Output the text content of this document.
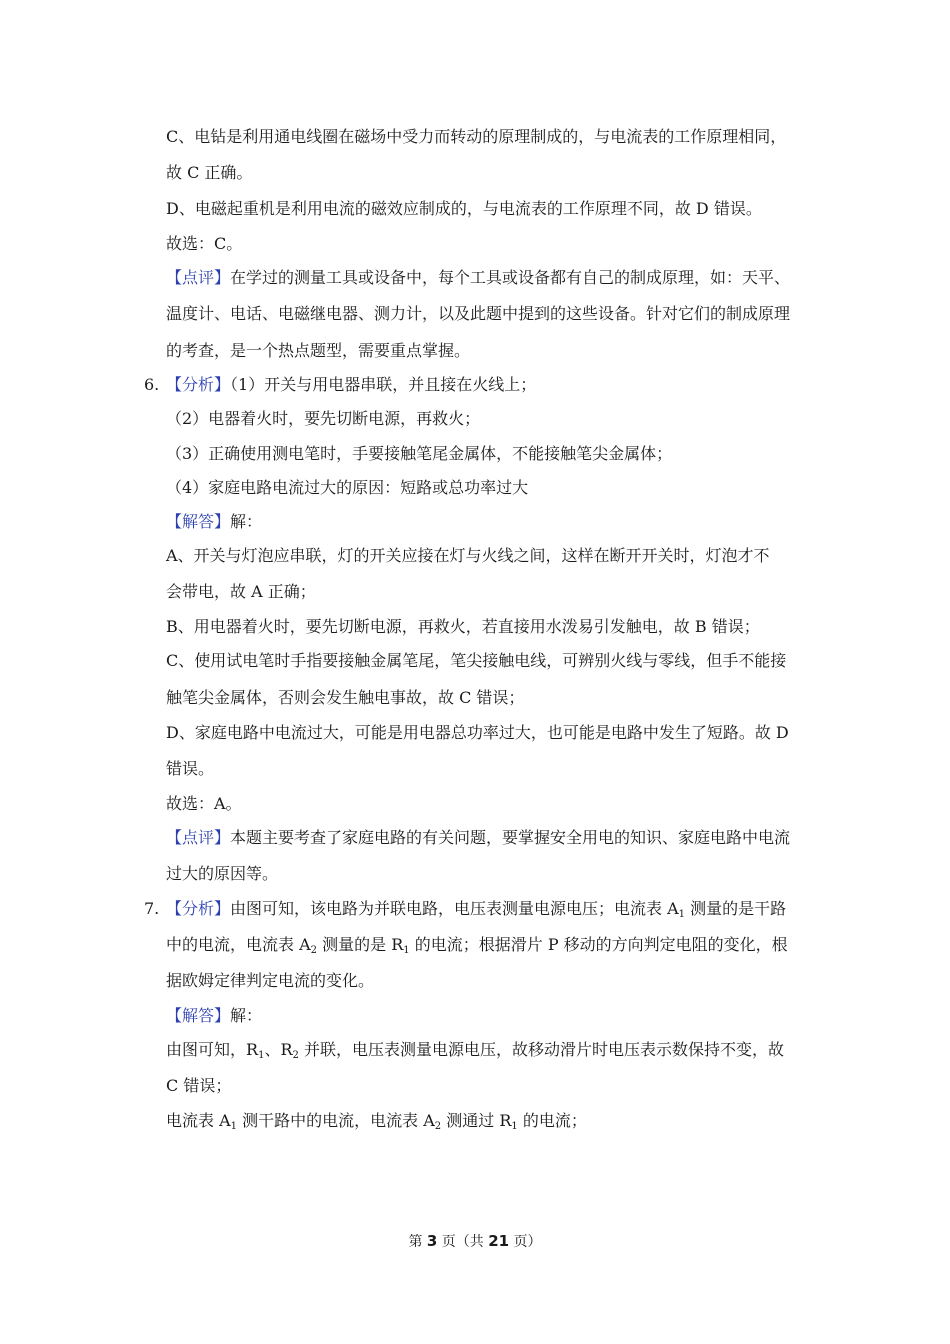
C、电钻是利用通电线圈在磁场中受力而转动的原理制成的，与电流表的工作原理相同，
故 C 正确。
D、电磁起重机是利用电流的磁效应制成的，与电流表的工作原理不同，故 D 错误。
故选：C。
【点评】在学过的测量工具或设备中，每个工具或设备都有自己的制成原理，如：天平、
温度计、电话、电磁继电器、测力计，以及此题中提到的这些设备。针对它们的制成原理
的考查，是一个热点题型，需要重点掌握。
6. 【分析】（1）开关与用电器串联，并且接在火线上；
（2）电器着火时，要先切断电源，再救火；
（3）正确使用测电笔时，手要接触笔尾金属体，不能接触笔尖金属体；
（4）家庭电路电流过大的原因：短路或总功率过大
【解答】解：
A、开关与灯泡应串联，灯的开关应接在灯与火线之间，这样在断开开关时，灯泡才不
会带电，故 A 正确；
B、用电器着火时，要先切断电源，再救火，若直接用水泼易引发触电，故 B 错误；
C、使用试电笔时手指要接触金属笔尾，笔尖接触电线，可辨别火线与零线，但手不能接
触笔尖金属体，否则会发生触电事故，故 C 错误；
D、家庭电路中电流过大，可能是用电器总功率过大，也可能是电路中发生了短路。故 D
错误。
故选：A。
【点评】本题主要考查了家庭电路的有关问题，要掌握安全用电的知识、家庭电路中电流
过大的原因等。
7. 【分析】由图可知，该电路为并联电路，电压表测量电源电压；电流表 $A_1$ 测量的是干路
中的电流，电流表 $A_2$ 测量的是 $R_1$ 的电流；根据滑片 P 移动的方向判定电阻的变化，根
据欧姆定律判定电流的变化。
【解答】解：
由图可知，$R_1$、$R_2$ 并联，电压表测量电源电压，故移动滑片时电压表示数保持不变，故
C 错误；
电流表 $A_1$ 测干路中的电流，电流表 $A_2$ 测通过 $R_1$ 的电流；
第 3 页（共 21 页）
